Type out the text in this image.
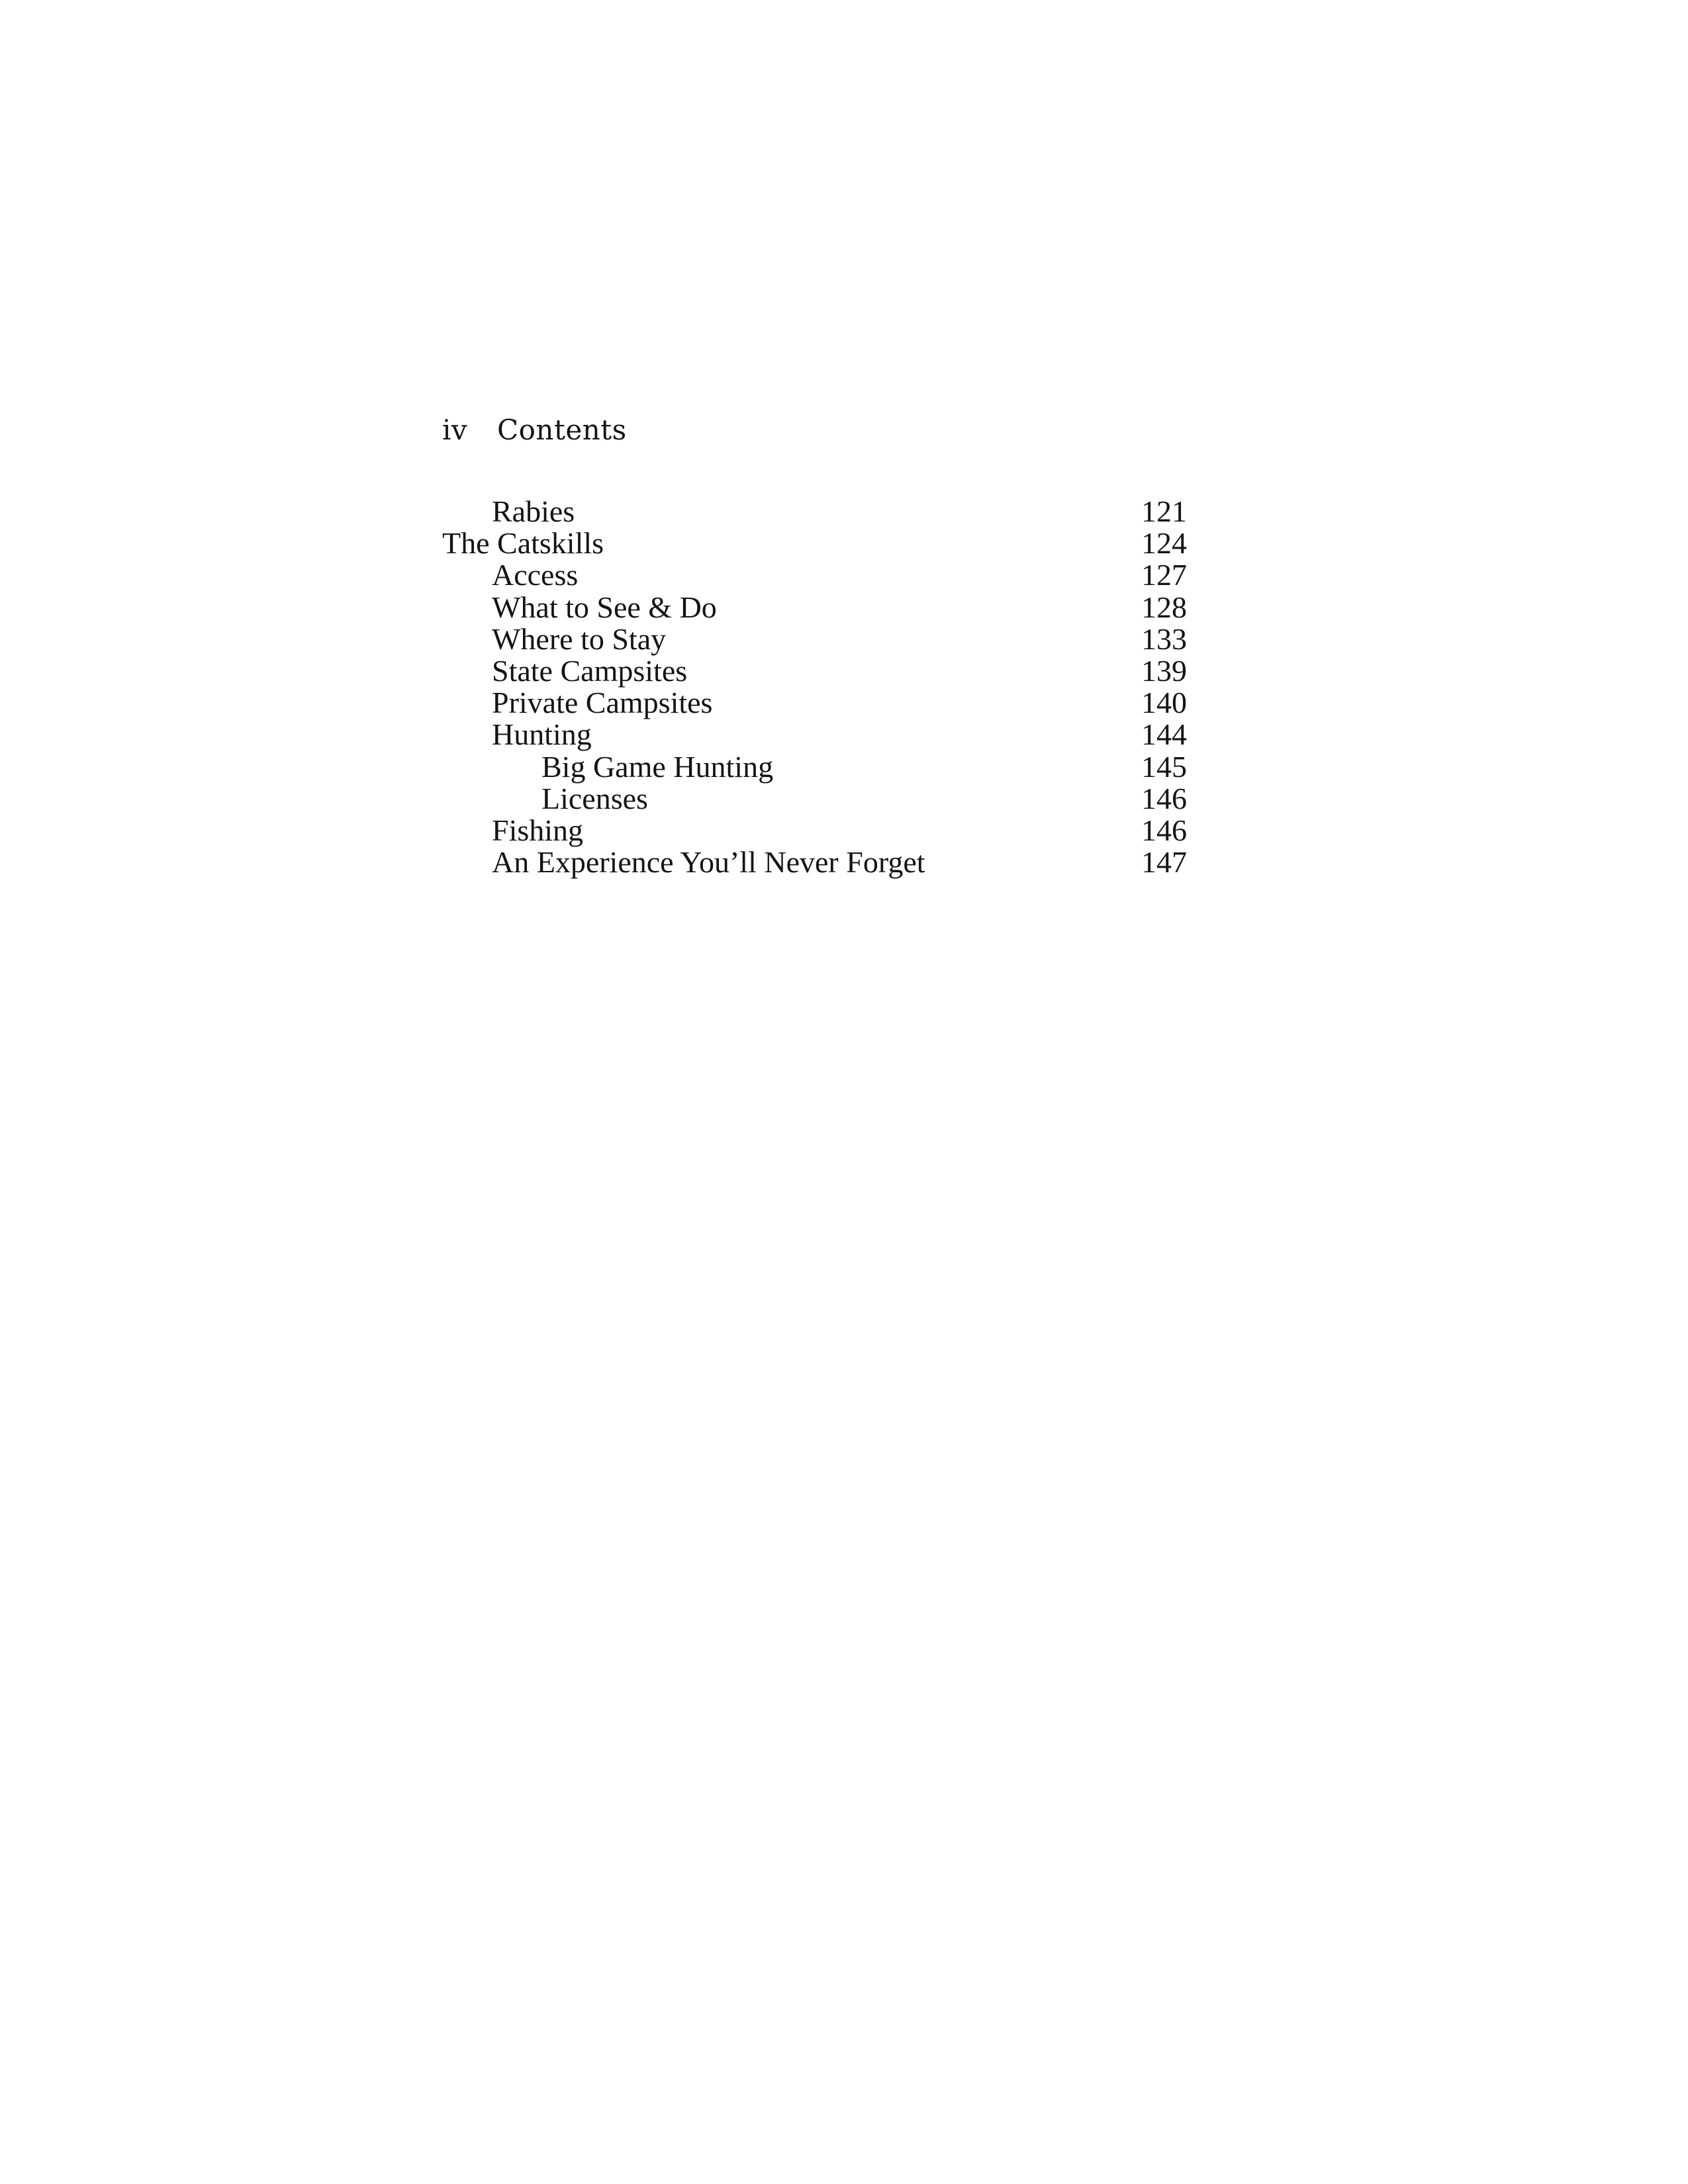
iv	Contents
Rabies	121
The Catskills	124
Access	127
What to See & Do	128
Where to Stay	133
State Campsites	139
Private Campsites	140
Hunting	144
Big Game Hunting	145
Licenses	146
Fishing	146
An Experience You’ll Never Forget	147
